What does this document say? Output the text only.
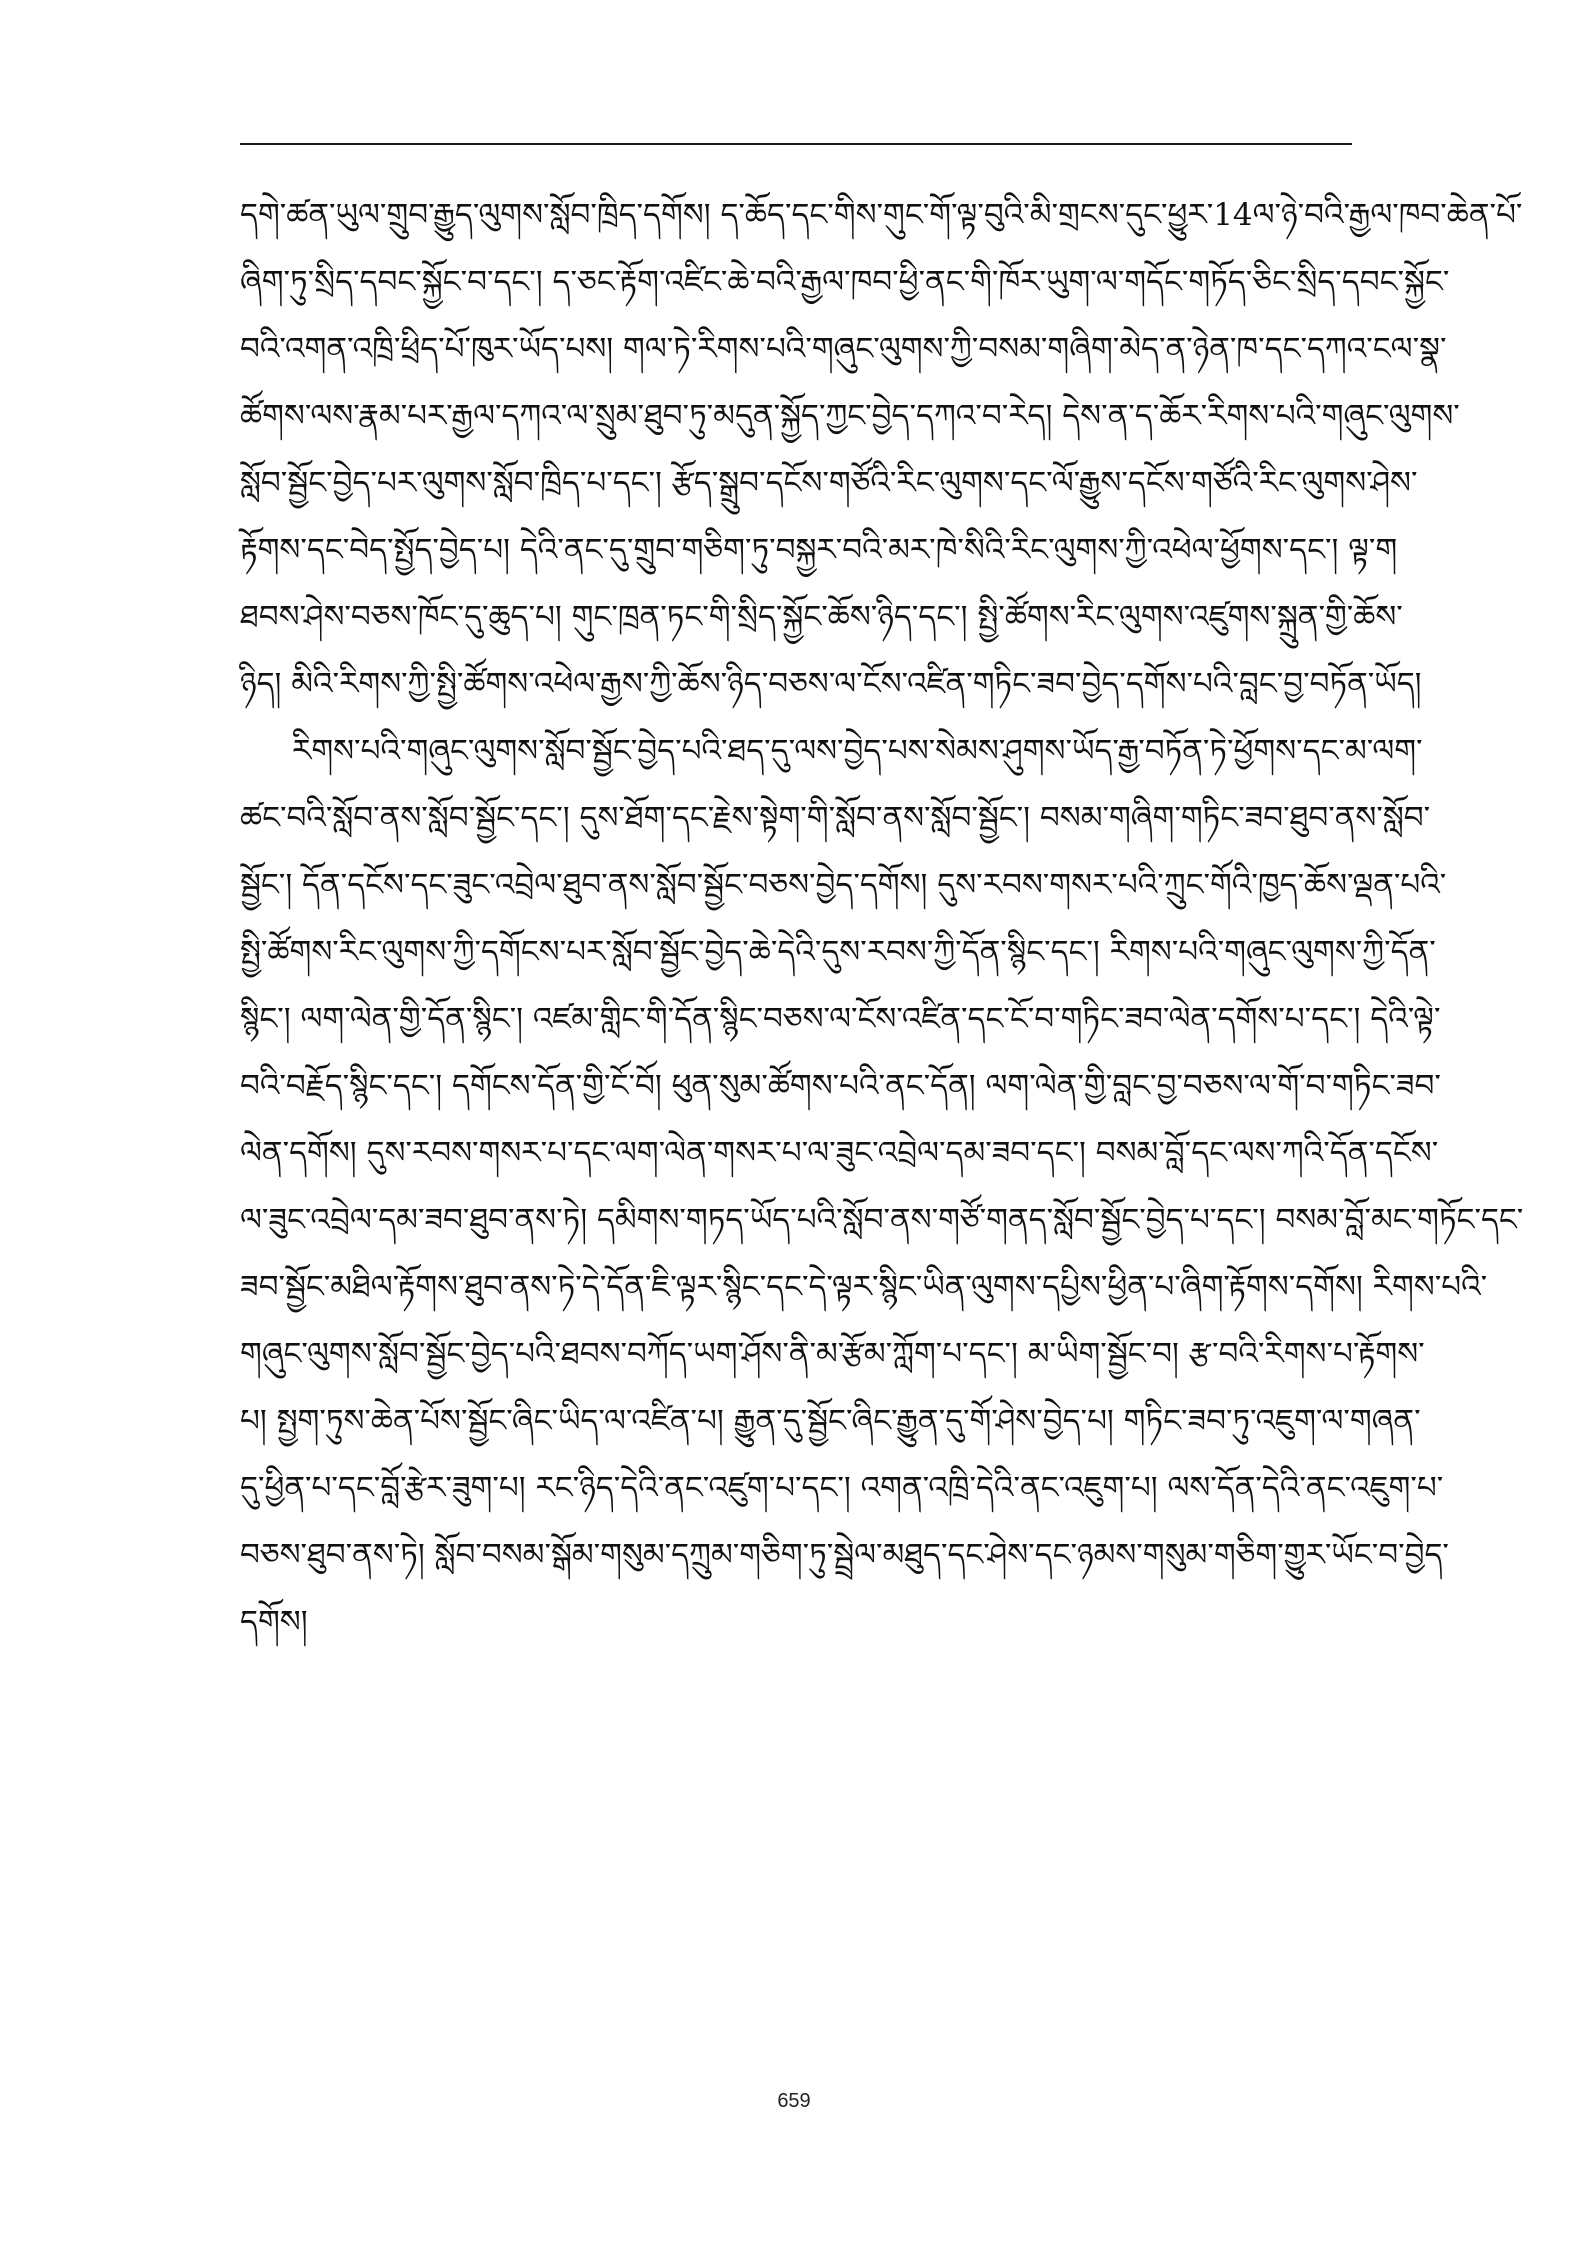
དགེ་ཚན་ཡུལ་གྲུབ་རྒྱུད་ལུགས་སློབ་ཁྲིད་དགོས། ད་ཆོད་དང་གིས་གུང་གོ་ལྟ་བུའི་མི་གྲངས་དུང་ཕྱུར་14ལ་ཉེ་བའི་རྒྱལ་ཁབ་ཆེན་པོ་
ཞིག་ཏུ་སྲིད་དབང་སྐྱོང་བ་དང་། ད་ཅང་རྟོག་འཛིང་ཆེ་བའི་རྒྱལ་ཁབ་ཕྱི་ནང་གི་ཁོར་ཡུག་ལ་གདོང་གཏོད་ཅིང་སྲིད་དབང་སྐྱོང་
བའི་འགན་འཁྲི་ཕྲིད་པོ་ཁུར་ཡོད་པས། གལ་ཏེ་རིགས་པའི་གཞུང་ལུགས་ཀྱི་བསམ་གཞིག་མེད་ན་ཉེན་ཁ་དང་དཀའ་ངལ་སྣ་
ཚོགས་ལས་རྣམ་པར་རྒྱལ་དཀའ་ལ་སྲུམ་ཐུབ་ཏུ་མདུན་སྐྱོད་ཀྱང་བྱེད་དཀའ་བ་རེད། དེས་ན་ད་ཆོར་རིགས་པའི་གཞུང་ལུགས་
སློབ་སྦྱོང་བྱེད་པར་ལུགས་སློབ་ཁྲིད་པ་དང་། རྩོད་སྒྲུབ་དངོས་གཙོའི་རིང་ལུགས་དང་ལོ་རྒྱུས་དངོས་གཙོའི་རིང་ལུགས་ཤེས་
རྟོགས་དང་བེད་སྤྱོད་བྱེད་པ། དེའི་ནང་དུ་གྲུབ་གཅིག་ཏུ་བསྐྱར་བའི་མར་ཁེ་སིའི་རིང་ལུགས་ཀྱི་འཕེལ་ཕྱོགས་དང་། ལྟ་ག
ཐབས་ཤེས་བཅས་ཁོང་དུ་ཆུད་པ། གུང་ཁྲན་ཏང་གི་སྲིད་སྐྱོང་ཆོས་ཉིད་དང་། སྤྱི་ཚོགས་རིང་ལུགས་འཛུགས་སྐྲུན་གྱི་ཆོས་
ཉིད། མིའི་རིགས་ཀྱི་སྤྱི་ཚོགས་འཕེལ་རྒྱས་ཀྱི་ཆོས་ཉིད་བཅས་ལ་ངོས་འཛིན་གཏིང་ཟབ་བྱེད་དགོས་པའི་བླང་བྱ་བཏོན་ཡོད།
རིགས་པའི་གཞུང་ལུགས་སློབ་སྦྱོང་བྱེད་པའི་ཐད་དུ་ལས་བྱེད་པས་སེམས་ཤུགས་ཡོད་རྒྱ་བཏོན་ཏེ་ཕྱོགས་དང་མ་ལག་
ཚང་བའི་སློབ་ནས་སློབ་སྦྱོང་དང་། དུས་ཐོག་དང་རྗེས་སྟེག་གི་སློབ་ནས་སློབ་སྦྱོང་། བསམ་གཞིག་གཏིང་ཟབ་ཐུབ་ནས་སློབ་
སྦྱོང་། དོན་དངོས་དང་ཟུང་འབྲེལ་ཐུབ་ནས་སློབ་སྦྱོང་བཅས་བྱེད་དགོས། དུས་རབས་གསར་པའི་ཀྲུང་གོའི་ཁྱད་ཆོས་ལྡན་པའི་
སྤྱི་ཚོགས་རིང་ལུགས་ཀྱི་དགོངས་པར་སློབ་སྦྱོང་བྱེད་ཆེ་དེའི་དུས་རབས་ཀྱི་དོན་སྙིང་དང་། རིགས་པའི་གཞུང་ལུགས་ཀྱི་དོན་
སྙིང་། ལག་ལེན་གྱི་དོན་སྙིང་། འཛམ་གླིང་གི་དོན་སྙིང་བཅས་ལ་ངོས་འཛིན་དང་ངོ་བ་གཏིང་ཟབ་ལེན་དགོས་པ་དང་། དེའི་ལྟེ་
བའི་བརྗོད་སྙིང་དང་། དགོངས་དོན་གྱི་ངོ་བོ། ཕུན་སུམ་ཚོགས་པའི་ནང་དོན། ལག་ལེན་གྱི་བླང་བྱ་བཅས་ལ་གོ་བ་གཏིང་ཟབ་
ལེན་དགོས། དུས་རབས་གསར་པ་དང་ལག་ལེན་གསར་པ་ལ་ཟུང་འབྲེལ་དམ་ཟབ་དང་། བསམ་བློ་དང་ལས་ཀའི་དོན་དངོས་
ལ་ཟུང་འབྲེལ་དམ་ཟབ་ཐུབ་ནས་ཏེ། དམིགས་གཏད་ཡོད་པའི་སློབ་ནས་གཙོ་གནད་སློབ་སྦྱོང་བྱེད་པ་དང་། བསམ་བློ་མང་གཏོང་དང་
ཟབ་སྦྱོང་མཐིལ་རྟོགས་ཐུབ་ནས་ཏེ་དེ་དོན་ཇི་ལྟར་སྙིང་དང་དེ་ལྟར་སྙིང་ཡིན་ལུགས་དཔྱིས་ཕྱིན་པ་ཞིག་རྟོགས་དགོས། རིགས་པའི་
གཞུང་ལུགས་སློབ་སྦྱོང་བྱེད་པའི་ཐབས་བཀོད་ཡག་ཤོས་ནི་མ་རྩོམ་ཀློག་པ་དང་། མ་ཡིག་སྦྱོང་བ། རྩ་བའི་རིགས་པ་རྟོགས་
པ། སྤྱག་ཏུས་ཆེན་པོས་སྦྱོང་ཞིང་ཡིད་ལ་འཛིན་པ། རྒྱུན་དུ་སྦྱོང་ཞིང་རྒྱུན་དུ་གོ་ཤེས་བྱེད་པ། གཏིང་ཟབ་ཏུ་འཇུག་ལ་གཞན་
དུ་ཕྱིན་པ་དང་བློ་རྩེར་ཟུག་པ། རང་ཉིད་དེའི་ནང་འཛུག་པ་དང་། འགན་འཁྲི་དེའི་ནང་འཇུག་པ། ལས་དོན་དེའི་ནང་འཇུག་པ་
བཅས་ཐུབ་ནས་ཏེ། སློབ་བསམ་སྒོམ་གསུམ་དཀྲུམ་གཅིག་ཏུ་སྦྲེལ་མཐུད་དང་ཤེས་དང་ཉམས་གསུམ་གཅིག་གྱུར་ཡོང་བ་བྱེད་
དགོས།
659
